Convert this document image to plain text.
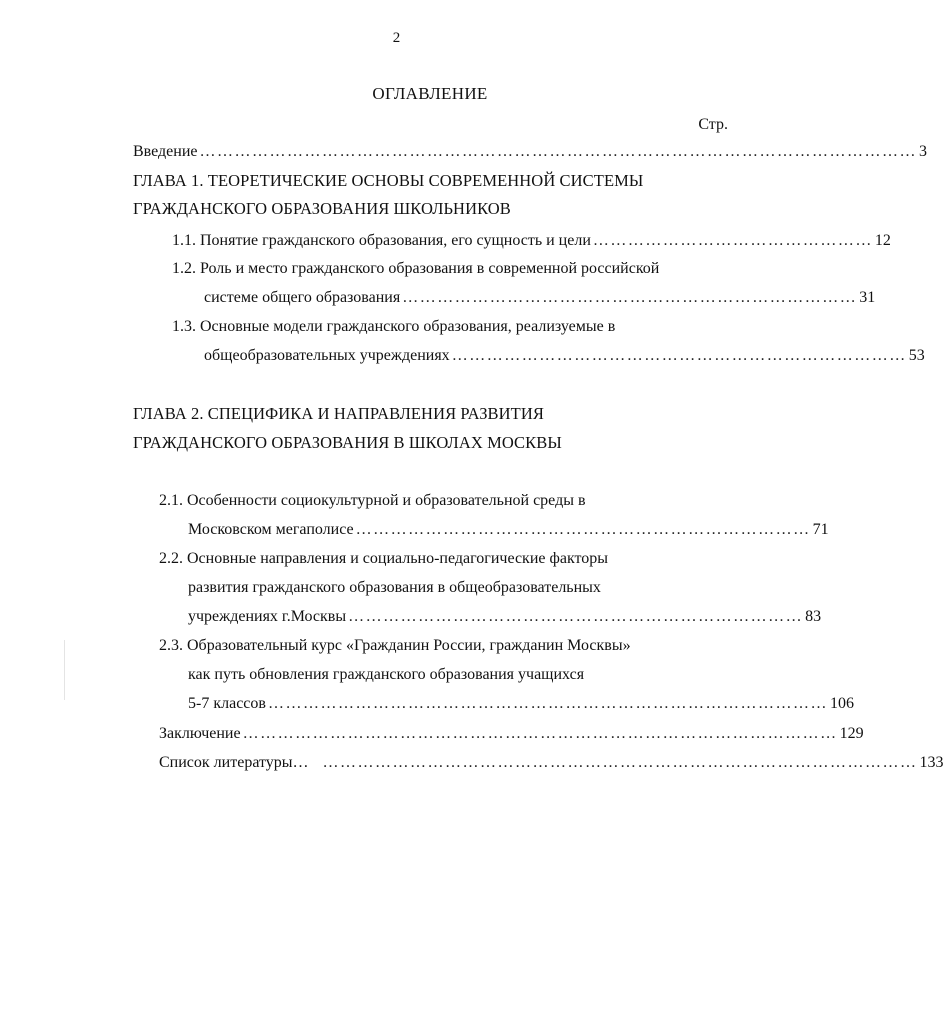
2
ОГЛАВЛЕНИЕ
Стр.
Введение …………………………………………………………………………………………………………… 3
ГЛАВА 1. ТЕОРЕТИЧЕСКИЕ ОСНОВЫ СОВРЕМЕННОЙ СИСТЕМЫ
ГРАЖДАНСКОГО ОБРАЗОВАНИЯ ШКОЛЬНИКОВ
1.1. Понятие гражданского образования, его сущность и цели ………………………………………… 12
1.2. Роль и место гражданского образования в современной российской
системе общего образования …………………………………………………………………… 31
1.3. Основные модели гражданского образования, реализуемые в
общеобразовательных учреждениях …………………………………………………………………… 53
ГЛАВА 2. СПЕЦИФИКА И НАПРАВЛЕНИЯ РАЗВИТИЯ
ГРАЖДАНСКОГО ОБРАЗОВАНИЯ В ШКОЛАХ МОСКВЫ
2.1. Особенности социокультурной и образовательной среды в
Московском мегаполисе …………………………………………………………………… 71
2.2. Основные направления и социально-педагогические факторы
развития гражданского образования в общеобразовательных
учреждениях г.Москвы …………………………………………………………………… 83
2.3. Образовательный курс «Гражданин России, гражданин Москвы»
как путь обновления гражданского образования учащихся
5-7 классов …………………………………………………………………………………… 106
Заключение ………………………………………………………………………………………… 129
Список литературы… ………………………………………………………………………………………… 133
